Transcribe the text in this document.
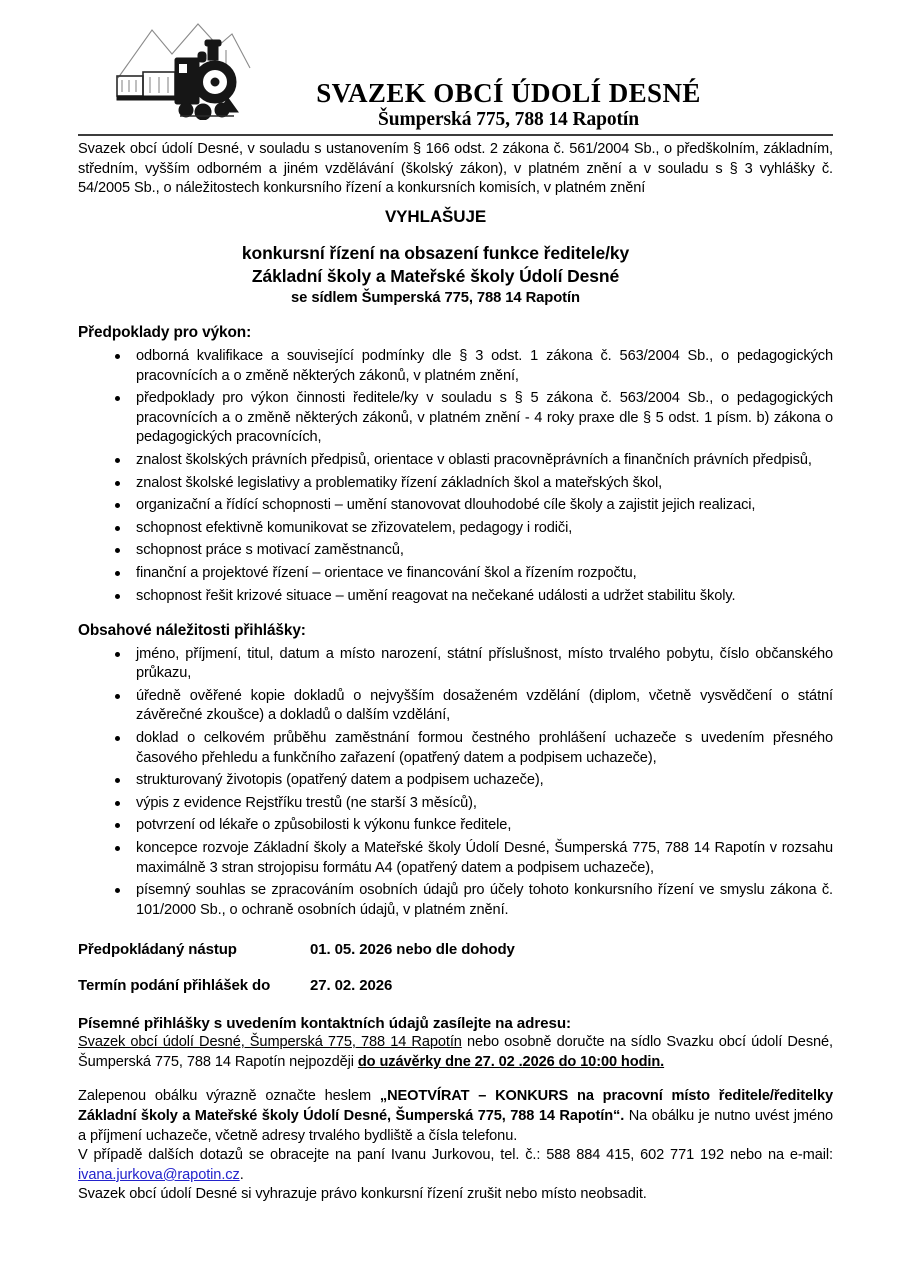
SVAZEK OBCÍ ÚDOLÍ DESNÉ
Šumperská 775, 788 14 Rapotín

Svazek obcí údolí Desné, v souladu s ustanovením § 166 odst. 2 zákona č. 561/2004 Sb., o předškolním, základním, středním, vyšším odborném a jiném vzdělávání (školský zákon), v platném znění a v souladu s § 3 vyhlášky č. 54/2005 Sb., o náležitostech konkursního řízení a konkursních komisích, v platném znění

VYHLAŠUJE

konkursní řízení na obsazení funkce ředitele/ky
Základní školy a Mateřské školy Údolí Desné
se sídlem Šumperská 775, 788 14 Rapotín
Předpoklady pro výkon:
odborná kvalifikace a související podmínky dle § 3 odst. 1 zákona č. 563/2004 Sb., o pedagogických pracovnících a o změně některých zákonů, v platném znění,
předpoklady pro výkon činnosti ředitele/ky v souladu s § 5 zákona č. 563/2004 Sb., o pedagogických pracovnících a o změně některých zákonů, v platném znění - 4 roky praxe dle § 5 odst. 1 písm. b) zákona o pedagogických pracovnících,
znalost školských právních předpisů, orientace v oblasti pracovněprávních a finančních právních předpisů,
znalost školské legislativy a problematiky řízení základních škol a mateřských škol,
organizační a řídící schopnosti – umění stanovovat dlouhodobé cíle školy a zajistit jejich realizaci,
schopnost efektivně komunikovat se zřizovatelem, pedagogy i rodiči,
schopnost práce s motivací zaměstnanců,
finanční a projektové řízení – orientace ve financování škol a řízením rozpočtu,
schopnost řešit krizové situace – umění reagovat na nečekané události a udržet stabilitu školy.
Obsahové náležitosti přihlášky:
jméno, příjmení, titul, datum a místo narození, státní příslušnost, místo trvalého pobytu, číslo občanského průkazu,
úředně ověřené kopie dokladů o nejvyšším dosaženém vzdělání (diplom, včetně vysvědčení o státní závěrečné zkoušce) a dokladů o dalším vzdělání,
doklad o celkovém průběhu zaměstnání formou čestného prohlášení uchazeče s uvedením přesného časového přehledu a funkčního zařazení (opatřený datem a podpisem uchazeče),
strukturovaný životopis (opatřený datem a podpisem uchazeče),
výpis z evidence Rejstříku trestů (ne starší 3 měsíců),
potvrzení od lékaře o způsobilosti k výkonu funkce ředitele,
koncepce rozvoje Základní školy a Mateřské školy Údolí Desné, Šumperská 775, 788 14 Rapotín v rozsahu maximálně 3 stran strojopisu formátu A4 (opatřený datem a podpisem uchazeče),
písemný souhlas se zpracováním osobních údajů pro účely tohoto konkursního řízení ve smyslu zákona č. 101/2000 Sb., o ochraně osobních údajů, v platném znění.
Předpokládaný nástup	01. 05. 2026 nebo dle dohody
Termín podání přihlášek do	27. 02. 2026
Písemné přihlášky s uvedením kontaktních údajů zasílejte na adresu:

Svazek obcí údolí Desné, Šumperská 775, 788 14 Rapotín nebo osobně doručte na sídlo Svazku obcí údolí Desné, Šumperská 775, 788 14 Rapotín nejpozději do uzávěrky dne 27. 02 .2026 do 10:00 hodin.

Zalepenou obálku výrazně označte heslem „NEOTVÍRAT – KONKURS na pracovní místo ředitele/ředitelky Základní školy a Mateřské školy Údolí Desné, Šumperská 775, 788 14 Rapotín“. Na obálku je nutno uvést jméno a příjmení uchazeče, včetně adresy trvalého bydliště a čísla telefonu.

V případě dalších dotazů se obracejte na paní Ivanu Jurkovou, tel. č.: 588 884 415, 602 771 192 nebo na e-mail: ivana.jurkova@rapotin.cz.

Svazek obcí údolí Desné si vyhrazuje právo konkursní řízení zrušit nebo místo neobsadit.
